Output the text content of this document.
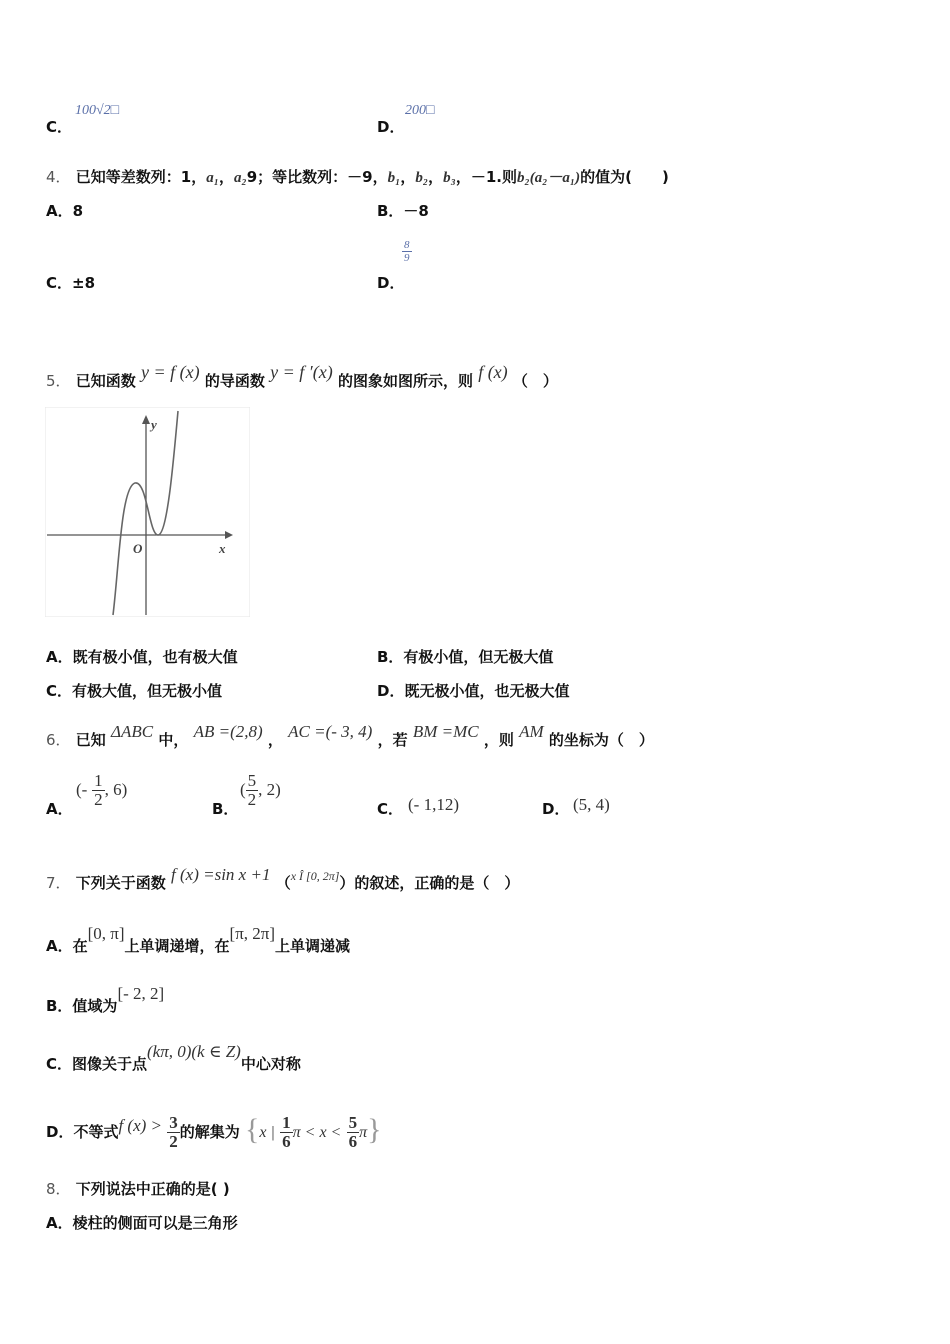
C．
100√2□
D．
200□
4． 已知等差数列：1，a₁，a₂9；等比数列：－9，b₁，b₂，b₃，－1.则b₂(a₂－a₁)的值为(　　)
A．8	B．－8
C．±8	D．
$\frac{8}{9}$
5． 已知函数 y = f (x) 的导函数 y = f ′(x) 的图象如图所示，则 f (x) （　）
y
x
O
A．既有极小值，也有极大值	B．有极小值，但无极大值
C．有极大值，但无极小值	D．既无极小值，也无极大值
6． 已知 ΔABC 中， AB =(2,8) ， AC =(- 3, 4) ，若 BM =MC ，则 AM 的坐标为（　）
A．
(- $\frac{1}{2}$ , 6)
B．
( $\frac{5}{2}$ , 2)
C． (- 1,12)	D． (5, 4)
7． 下列关于函数 f (x) =sin x +1 （$^{x Î [0, 2\pi]}$）的叙述，正确的是（　）
A．在[0, π]上单调递增，在[π, 2π]上单调递减
B．值域为[- 2, 2]
C．图像关于点(kπ, 0)(k ∈ Z)中心对称
D．不等式f $(x) > \frac{3}{2}$ 的解集为 {x | $\frac{1}{6}$ $\pi < x < \frac{5}{6} \pi$}
8． 下列说法中正确的是( )
A．棱柱的侧面可以是三角形
